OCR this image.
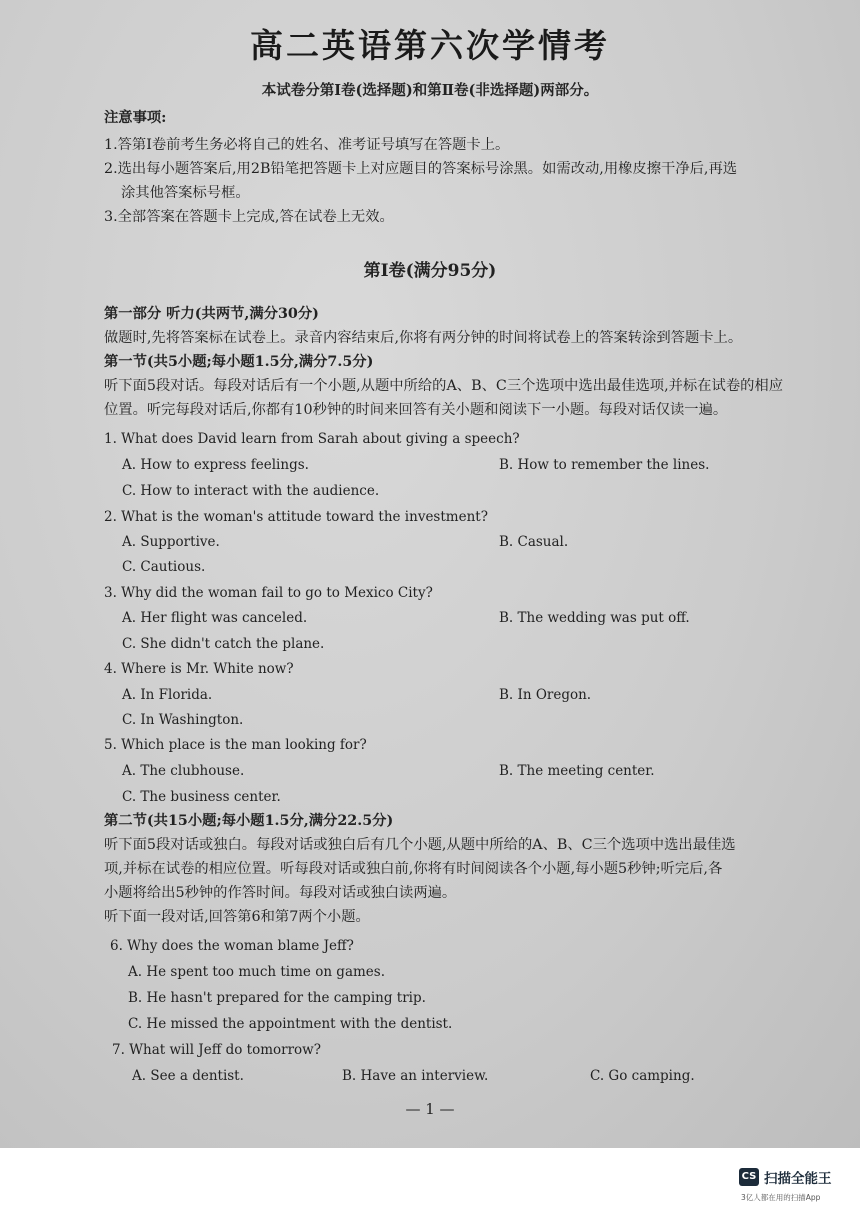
高二英语第六次学情考
本试卷分第Ⅰ卷(选择题)和第Ⅱ卷(非选择题)两部分。
注意事项:
1.答第Ⅰ卷前考生务必将自己的姓名、准考证号填写在答题卡上。
2.选出每小题答案后,用2B铅笔把答题卡上对应题目的答案标号涂黑。如需改动,用橡皮擦干净后,再选
涂其他答案标号框。
3.全部答案在答题卡上完成,答在试卷上无效。
第Ⅰ卷(满分95分)
第一部分 听力(共两节,满分30分)
做题时,先将答案标在试卷上。录音内容结束后,你将有两分钟的时间将试卷上的答案转涂到答题卡上。
第一节(共5小题;每小题1.5分,满分7.5分)
听下面5段对话。每段对话后有一个小题,从题中所给的A、B、C三个选项中选出最佳选项,并标在试卷的相应
位置。听完每段对话后,你都有10秒钟的时间来回答有关小题和阅读下一小题。每段对话仅读一遍。
1. What does David learn from Sarah about giving a speech?
A. How to express feelings.	B. How to remember the lines.
C. How to interact with the audience.
2. What is the woman's attitude toward the investment?
A. Supportive.	B. Casual.
C. Cautious.
3. Why did the woman fail to go to Mexico City?
A. Her flight was canceled.	B. The wedding was put off.
C. She didn't catch the plane.
4. Where is Mr. White now?
A. In Florida.	B. In Oregon.
C. In Washington.
5. Which place is the man looking for?
A. The clubhouse.	B. The meeting center.
C. The business center.
第二节(共15小题;每小题1.5分,满分22.5分)
听下面5段对话或独白。每段对话或独白后有几个小题,从题中所给的A、B、C三个选项中选出最佳选
项,并标在试卷的相应位置。听每段对话或独白前,你将有时间阅读各个小题,每小题5秒钟;听完后,各
小题将给出5秒钟的作答时间。每段对话或独白读两遍。
听下面一段对话,回答第6和第7两个小题。
6. Why does the woman blame Jeff?
A. He spent too much time on games.
B. He hasn't prepared for the camping trip.
C. He missed the appointment with the dentist.
7. What will Jeff do tomorrow?
A. See a dentist.	B. Have an interview.	C. Go camping.
— 1 —
CS 扫描全能王
3亿人都在用的扫描App
